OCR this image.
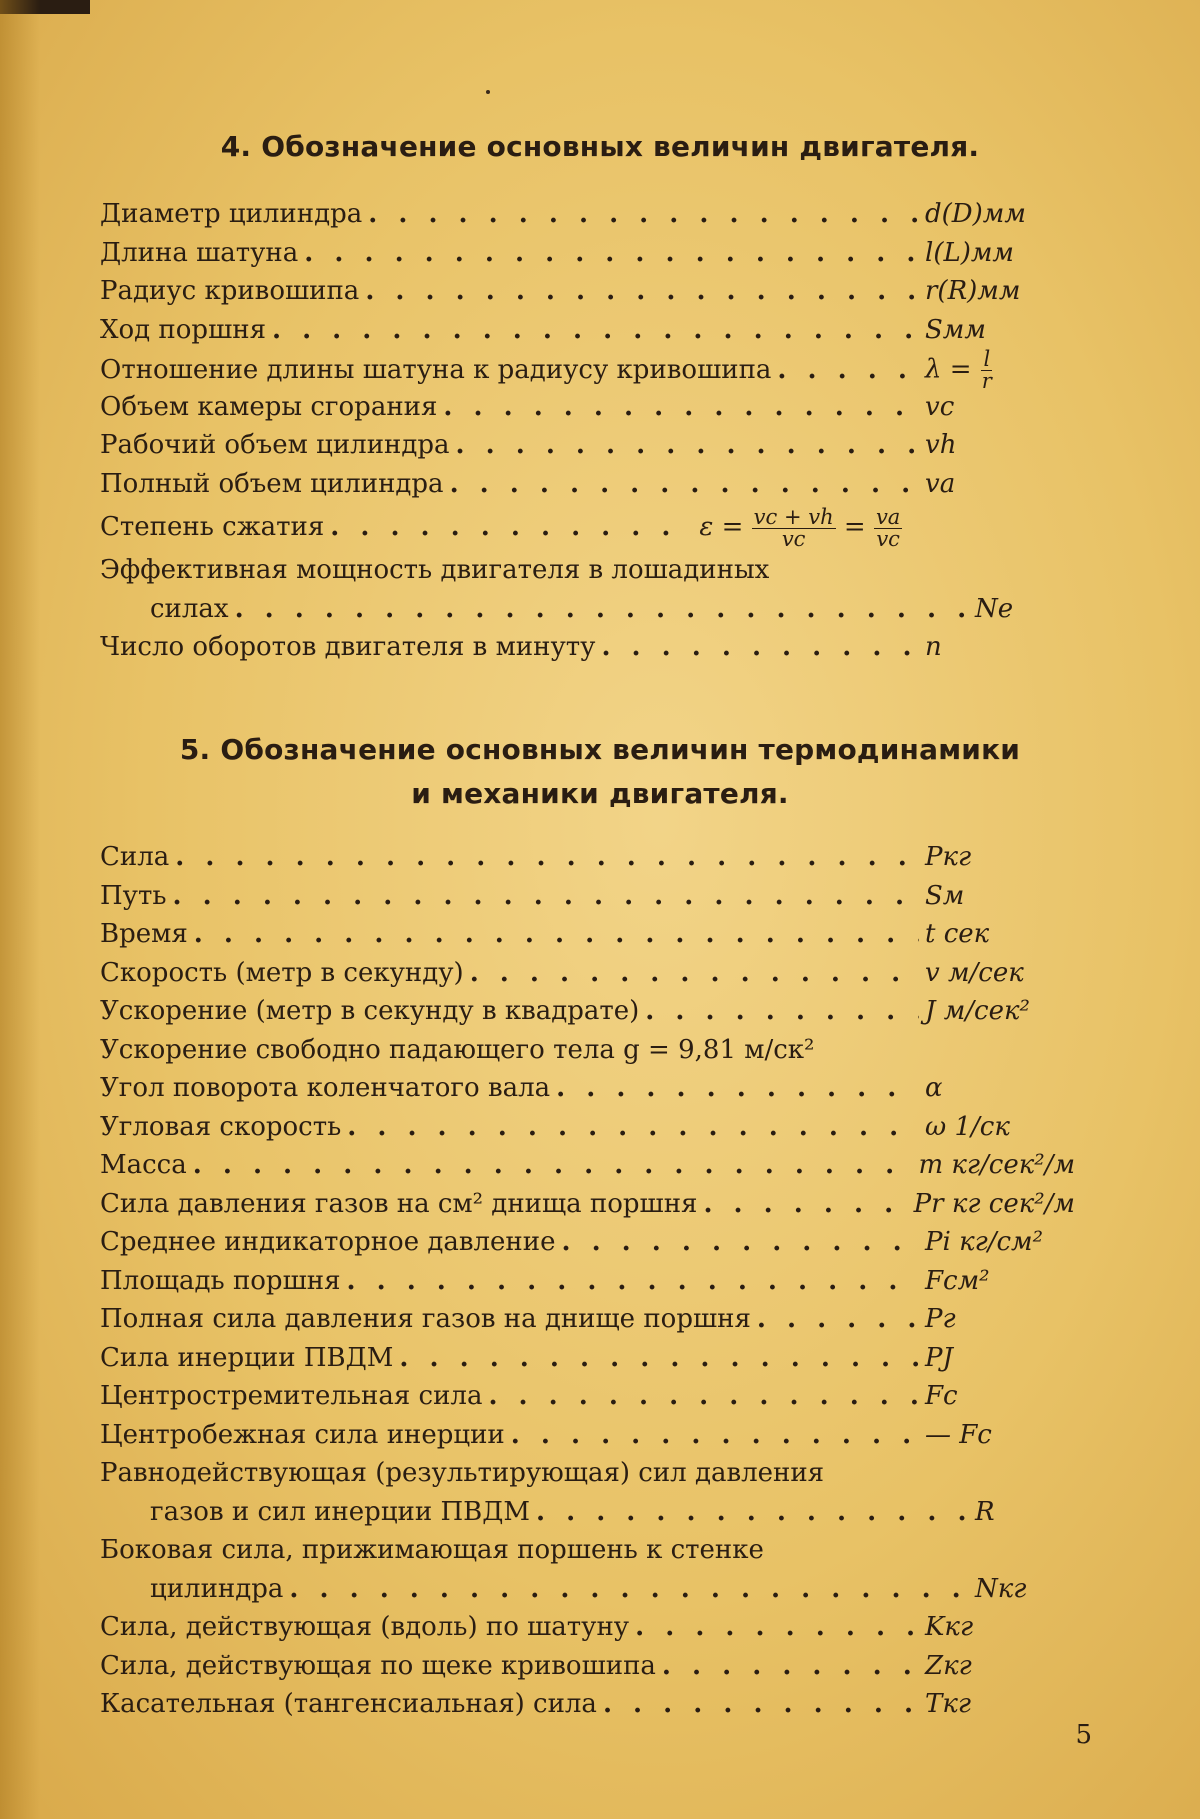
4. Обозначение основных величин двигателя.
Диаметр цилиндра . . .	d(D)мм
Длина шатуна . . .	l(L)мм
Радиус кривошипа . . .	r(R)мм
Ход поршня . . .	Sмм
Отношение длины шатуна к радиусу кривошипа . . .	$\lambda = \frac{l}{r}$
Объем камеры сгорания . . .	vc
Рабочий объем цилиндра . . .	vh
Полный объем цилиндра . . .	va
Степень сжатия . . .	$\varepsilon = \frac{vc + vh}{vc} = \frac{va}{vc}$
Эффективная мощность двигателя в лошадиных
силах . . .	Ne
Число оборотов двигателя в минуту . . .	n
5. Обозначение основных величин термодинамики
и механики двигателя.
Сила . . .	Ркг
Путь . . .	Sм
Время . . .	t сек
Скорость (метр в секунду) . . .	v м/сек
Ускорение (метр в секунду в квадрате) . . .	J м/сек²
Ускорение свободно падающего тела g = 9,81 м/ск²
Угол поворота коленчатого вала . . .	α
Угловая скорость . . .	ω 1/ск
Масса . . .	m кг/сек²/м
Сила давления газов на см² днища поршня . . .	Pr кг сек²/м
Среднее индикаторное давление . . .	Pi кг/см²
Площадь поршня . . .	Fсм²
Полная сила давления газов на днище поршня . . .	Pг
Сила инерции ПВДМ . . .	PJ
Центростремительная сила . . .	Fc
Центробежная сила инерции . . .	— Fc
Равнодействующая (результирующая) сил давления
газов и сил инерции ПВДМ . . .	R
Боковая сила, прижимающая поршень к стенке
цилиндра . . .	Nкг
Сила, действующая (вдоль) по шатуну . . .	Kкг
Сила, действующая по щеке кривошипа . . .	Zкг
Касательная (тангенсиальная) сила . . .	Tкг
5
